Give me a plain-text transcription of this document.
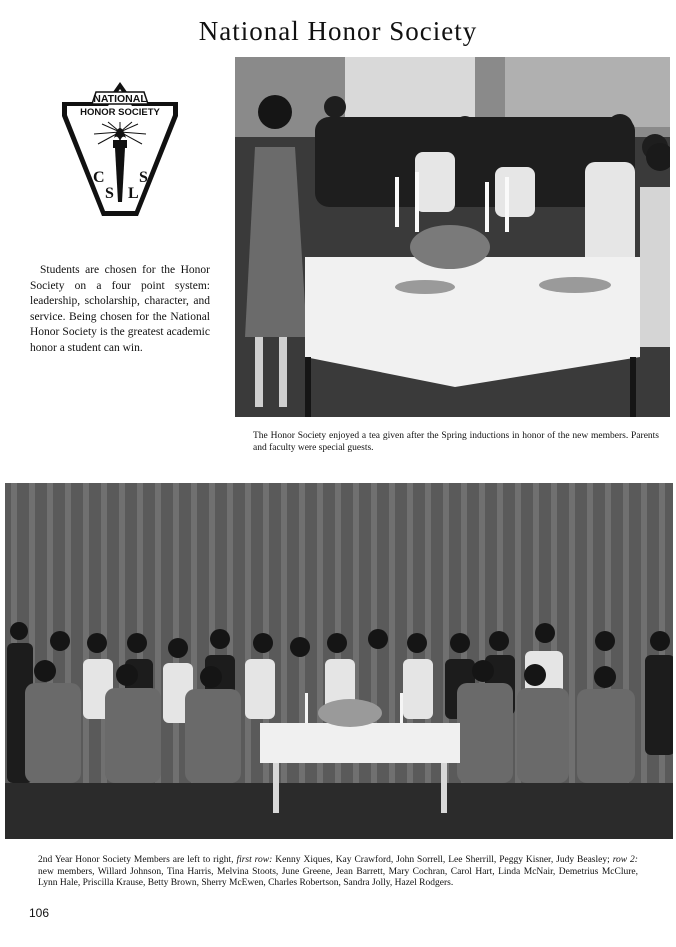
National Honor Society
NATIONAL
HONOR SOCIETY
C
S L
S
Students are chosen for the Honor Society on a four point system: leadership, scholarship, character, and service. Being chosen for the National Honor Society is the greatest academic honor a student can win.
The Honor Society enjoyed a tea given after the Spring inductions in honor of the new members. Parents and faculty were special guests.
2nd Year Honor Society Members are left to right, first row: Kenny Xiques, Kay Crawford, John Sorrell, Lee Sherrill, Peggy Kisner, Judy Beasley; row 2: new members, Willard Johnson, Tina Harris, Melvina Stoots, June Greene, Jean Barrett, Mary Cochran, Carol Hart, Linda McNair, Demetrius McClure, Lynn Hale, Priscilla Krause, Betty Brown, Sherry McEwen, Charles Robertson, Sandra Jolly, Hazel Rodgers.
106
